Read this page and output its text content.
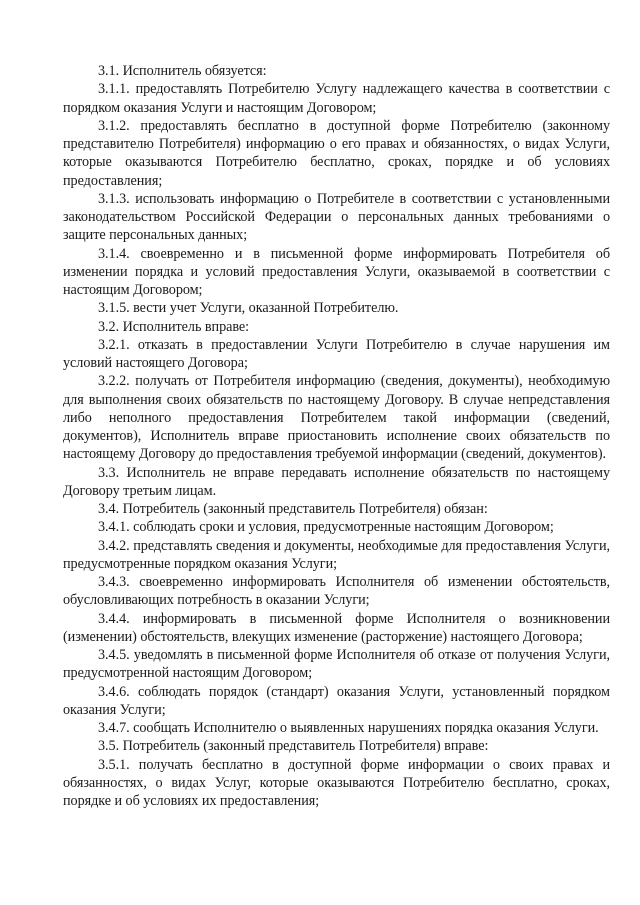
3.1. Исполнитель обязуется:

3.1.1. предоставлять Потребителю Услугу надлежащего качества в соответствии с порядком оказания Услуги и настоящим Договором;

3.1.2. предоставлять бесплатно в доступной форме Потребителю (законному представителю Потребителя) информацию о его правах и обязанностях, о видах Услуги, которые оказываются Потребителю бесплатно, сроках, порядке и об условиях предоставления;

3.1.3. использовать информацию о Потребителе в соответствии с установленными законодательством Российской Федерации о персональных данных требованиями о защите персональных данных;

3.1.4. своевременно и в письменной форме информировать Потребителя об изменении порядка и условий предоставления Услуги, оказываемой в соответствии с настоящим Договором;

3.1.5. вести учет Услуги, оказанной Потребителю.

3.2. Исполнитель вправе:

3.2.1. отказать в предоставлении Услуги Потребителю в случае нарушения им условий настоящего Договора;

3.2.2. получать от Потребителя информацию (сведения, документы), необходимую для выполнения своих обязательств по настоящему Договору. В случае непредставления либо неполного предоставления Потребителем такой информации (сведений, документов), Исполнитель вправе приостановить исполнение своих обязательств по настоящему Договору до предоставления требуемой информации (сведений, документов).

3.3. Исполнитель не вправе передавать исполнение обязательств по настоящему Договору третьим лицам.

3.4. Потребитель (законный представитель Потребителя) обязан:

3.4.1. соблюдать сроки и условия, предусмотренные настоящим Договором;

3.4.2. представлять сведения и документы, необходимые для предоставления Услуги, предусмотренные порядком оказания Услуги;

3.4.3. своевременно информировать Исполнителя об изменении обстоятельств, обусловливающих потребность в оказании Услуги;

3.4.4. информировать в письменной форме Исполнителя о возникновении (изменении) обстоятельств, влекущих изменение (расторжение) настоящего Договора;

3.4.5. уведомлять в письменной форме Исполнителя об отказе от получения Услуги, предусмотренной настоящим Договором;

3.4.6. соблюдать порядок (стандарт) оказания Услуги, установленный порядком оказания Услуги;

3.4.7. сообщать Исполнителю о выявленных нарушениях порядка оказания Услуги.

3.5. Потребитель (законный представитель Потребителя) вправе:

3.5.1. получать бесплатно в доступной форме информации о своих правах и обязанностях, о видах Услуг, которые оказываются Потребителю бесплатно, сроках, порядке и об условиях их предоставления;
